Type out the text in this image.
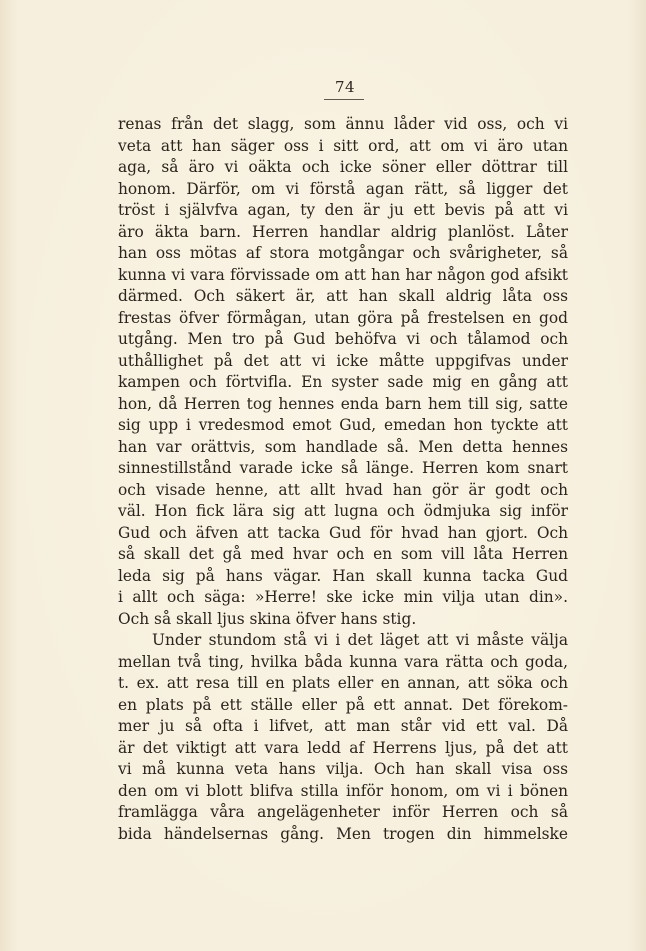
74
renas från det slagg, som ännu låder vid oss, och vi
veta att han säger oss i sitt ord, att om vi äro utan
aga, så äro vi oäkta och icke söner eller döttrar till
honom. Därför, om vi förstå agan rätt, så ligger det
tröst i självfva agan, ty den är ju ett bevis på att vi
äro äkta barn. Herren handlar aldrig planlöst. Låter
han oss mötas af stora motgångar och svårigheter, så
kunna vi vara förvissade om att han har någon god afsikt
därmed. Och säkert är, att han skall aldrig låta oss
frestas öfver förmågan, utan göra på frestelsen en god
utgång. Men tro på Gud behöfva vi och tålamod och
uthållighet på det att vi icke måtte uppgifvas under
kampen och förtvifla. En syster sade mig en gång att
hon, då Herren tog hennes enda barn hem till sig, satte
sig upp i vredesmod emot Gud, emedan hon tyckte att
han var orättvis, som handlade så. Men detta hennes
sinnestillstånd varade icke så länge. Herren kom snart
och visade henne, att allt hvad han gör är godt och
väl. Hon fick lära sig att lugna och ödmjuka sig inför
Gud och äfven att tacka Gud för hvad han gjort. Och
så skall det gå med hvar och en som vill låta Herren
leda sig på hans vägar. Han skall kunna tacka Gud
i allt och säga: »Herre! ske icke min vilja utan din».
Och så skall ljus skina öfver hans stig.
Under stundom stå vi i det läget att vi måste välja
mellan två ting, hvilka båda kunna vara rätta och goda,
t. ex. att resa till en plats eller en annan, att söka och
en plats på ett ställe eller på ett annat. Det förekom-
mer ju så ofta i lifvet, att man står vid ett val. Då
är det viktigt att vara ledd af Herrens ljus, på det att
vi må kunna veta hans vilja. Och han skall visa oss
den om vi blott blifva stilla inför honom, om vi i bönen
framlägga våra angelägenheter inför Herren och så
bida händelsernas gång. Men trogen din himmelske
